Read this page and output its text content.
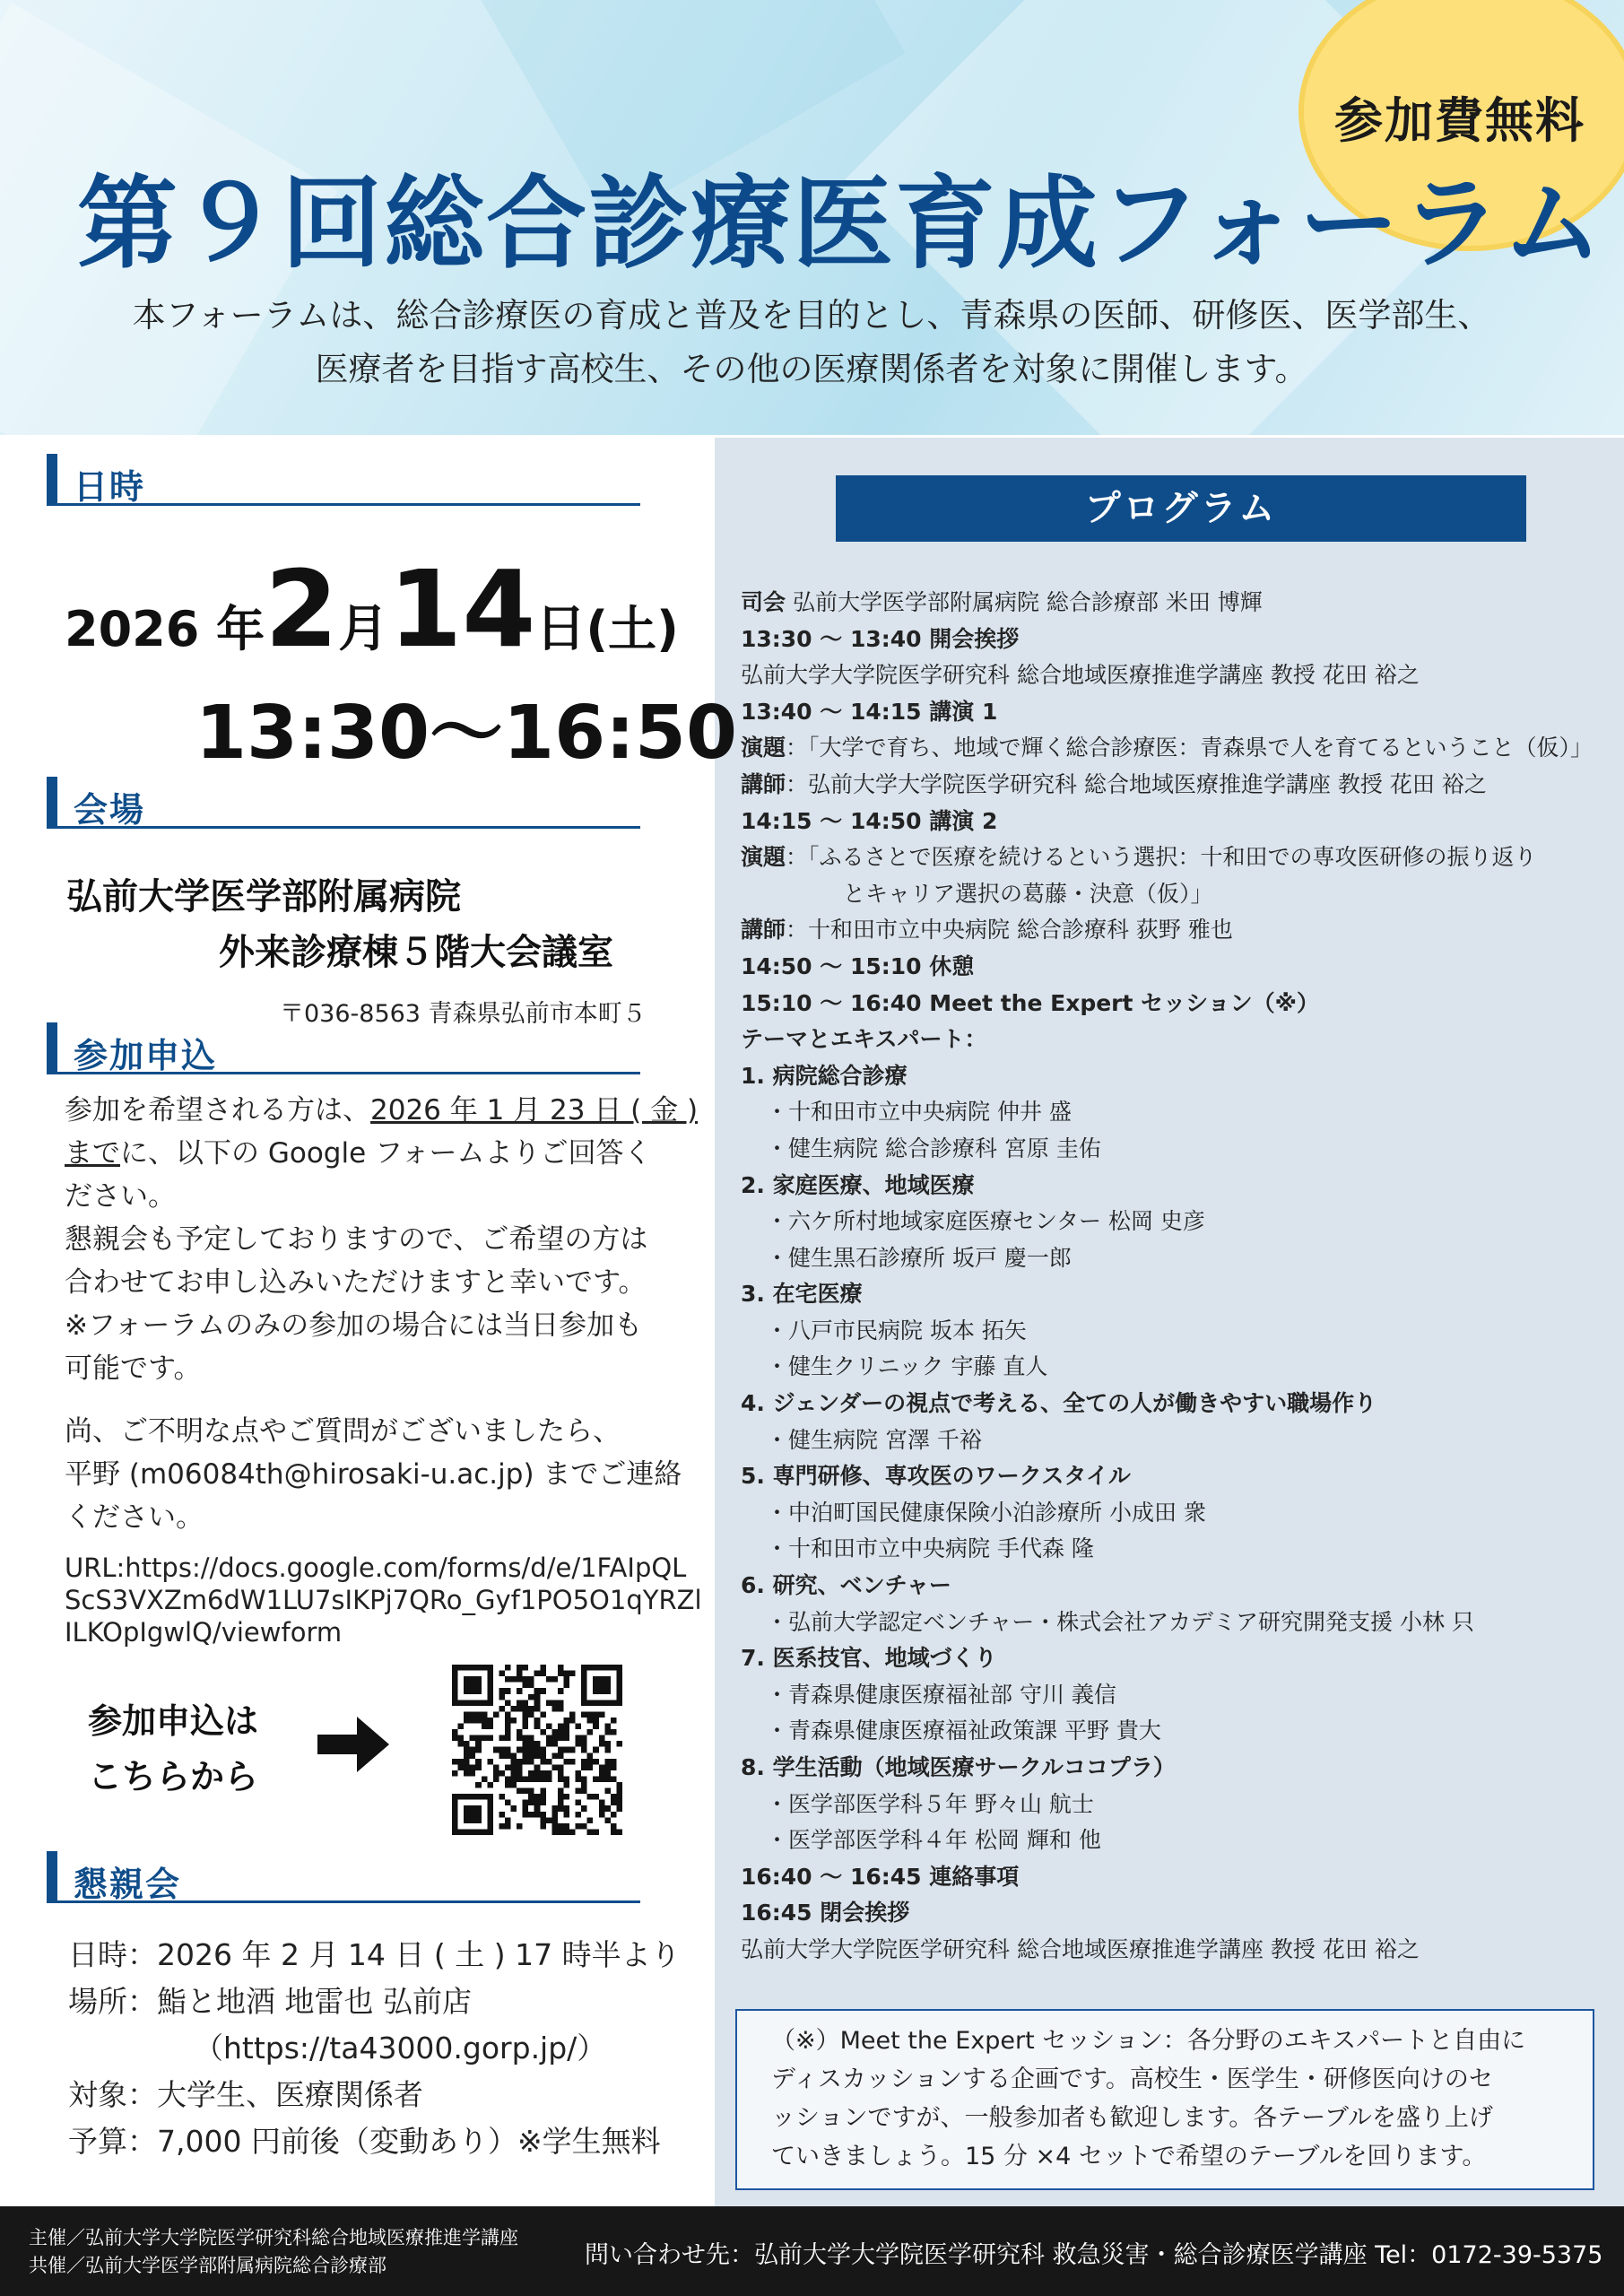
参加費無料
第９回総合診療医育成フォーラム
本フォーラムは、総合診療医の育成と普及を目的とし、青森県の医師、研修医、医学部生、
医療者を目指す高校生、その他の医療関係者を対象に開催します。
プログラム
司会 弘前大学医学部附属病院 総合診療部 米田 博輝
13:30 〜 13:40 開会挨拶
弘前大学大学院医学研究科 総合地域医療推進学講座 教授 花田 裕之
13:40 〜 14:15 講演 1
演題：「大学で育ち、地域で輝く総合診療医：青森県で人を育てるということ（仮）」
講師：弘前大学大学院医学研究科 総合地域医療推進学講座 教授 花田 裕之
14:15 〜 14:50 講演 2
演題：「ふるさとで医療を続けるという選択：十和田での専攻医研修の振り返り
とキャリア選択の葛藤・決意（仮）」
講師：十和田市立中央病院 総合診療科 荻野 雅也
14:50 〜 15:10 休憩
15:10 〜 16:40 Meet the Expert セッション（※）
テーマとエキスパート：
1. 病院総合診療
・十和田市立中央病院 仲井 盛
・健生病院 総合診療科 宮原 圭佑
2. 家庭医療、地域医療
・六ケ所村地域家庭医療センター 松岡 史彦
・健生黒石診療所 坂戸 慶一郎
3. 在宅医療
・八戸市民病院 坂本 拓矢
・健生クリニック 宇藤 直人
4. ジェンダーの視点で考える、全ての人が働きやすい職場作り
・健生病院 宮澤 千裕
5. 専門研修、専攻医のワークスタイル
・中泊町国民健康保険小泊診療所 小成田 衆
・十和田市立中央病院 手代森 隆
6. 研究、ベンチャー
・弘前大学認定ベンチャー・株式会社アカデミア研究開発支援 小林 只
7. 医系技官、地域づくり
・青森県健康医療福祉部 守川 義信
・青森県健康医療福祉政策課 平野 貴大
8. 学生活動（地域医療サークルココプラ）
・医学部医学科５年 野々山 航士
・医学部医学科４年 松岡 輝和 他
16:40 〜 16:45 連絡事項
16:45 閉会挨拶
弘前大学大学院医学研究科 総合地域医療推進学講座 教授 花田 裕之
（※）Meet the Expert セッション：各分野のエキスパートと自由に
ディスカッションする企画です。高校生・医学生・研修医向けのセ
ッションですが、一般参加者も歓迎します。各テーブルを盛り上げ
ていきましょう。15 分 ×4 セットで希望のテーブルを回ります。
日時
2026 年2月14日(土)
13:30〜16:50
会場
弘前大学医学部附属病院
外来診療棟５階大会議室
〒036-8563 青森県弘前市本町５
参加申込
参加を希望される方は、2026 年 1 月 23 日 ( 金 )
までに、以下の Google フォームよりご回答く
ださい。
懇親会も予定しておりますので、ご希望の方は
合わせてお申し込みいただけますと幸いです。
※フォーラムのみの参加の場合には当日参加も
可能です。
尚、ご不明な点やご質問がございましたら、
平野 (m06084th@hirosaki-u.ac.jp) までご連絡
ください。
URL:https://docs.google.com/forms/d/e/1FAIpQL
ScS3VXZm6dW1LU7sIKPj7QRo_Gyf1PO5O1qYRZl
ILKOpIgwlQ/viewform
参加申込は
こちらから
懇親会
日時：2026 年 2 月 14 日 ( 土 ) 17 時半より
場所：鮨と地酒 地雷也 弘前店
（https://ta43000.gorp.jp/）
対象：大学生、医療関係者
予算：7,000 円前後（変動あり）※学生無料
主催／弘前大学大学院医学研究科総合地域医療推進学講座
共催／弘前大学医学部附属病院総合診療部	問い合わせ先：弘前大学大学院医学研究科 救急災害・総合診療医学講座 Tel：0172-39-5375
